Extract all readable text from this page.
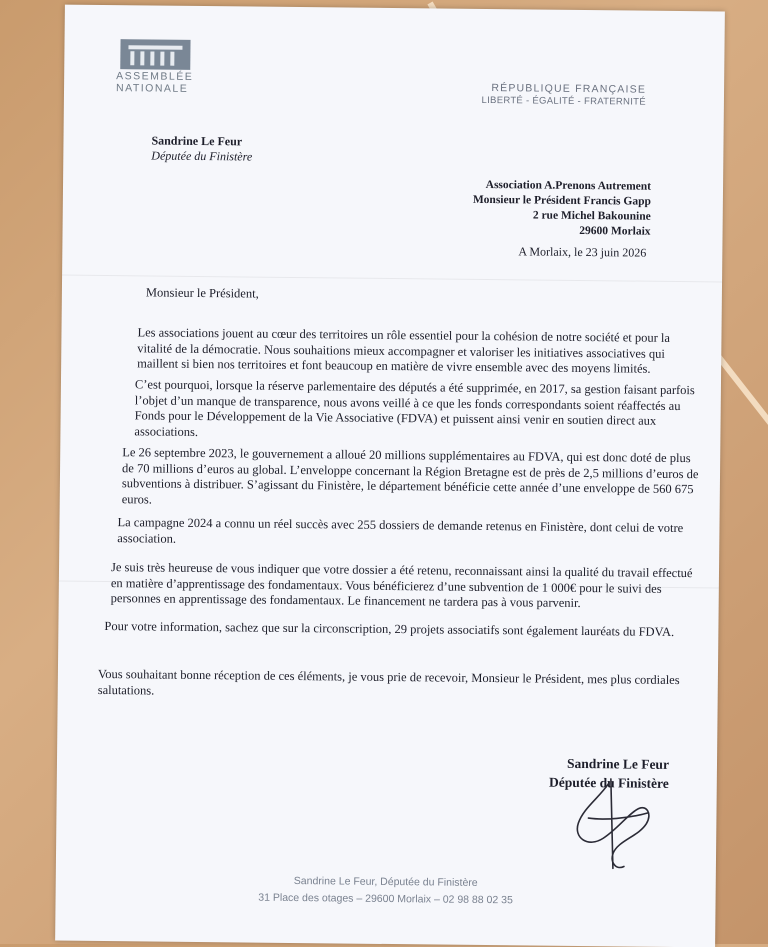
ASSEMBLÉE
NATIONALE	RÉPUBLIQUE FRANÇAISE
LIBERTÉ - ÉGALITÉ - FRATERNITÉ
Sandrine Le Feur
Députée du Finistère
Association A.Prenons Autrement
Monsieur le Président Francis Gapp
2 rue Michel Bakounine
29600 Morlaix
A Morlaix, le 23 juin 2026
Monsieur le Président,
Les associations jouent au cœur des territoires un rôle essentiel pour la cohésion de notre société et pour la vitalité de la démocratie. Nous souhaitions mieux accompagner et valoriser les initiatives associatives qui maillent si bien nos territoires et font beaucoup en matière de vivre ensemble avec des moyens limités.
C’est pourquoi, lorsque la réserve parlementaire des députés a été supprimée, en 2017, sa gestion faisant parfois l’objet d’un manque de transparence, nous avons veillé à ce que les fonds correspondants soient réaffectés au Fonds pour le Développement de la Vie Associative (FDVA) et puissent ainsi venir en soutien direct aux associations.
Le 26 septembre 2023, le gouvernement a alloué 20 millions supplémentaires au FDVA, qui est donc doté de plus de 70 millions d’euros au global. L’enveloppe concernant la Région Bretagne est de près de 2,5 millions d’euros de subventions à distribuer. S’agissant du Finistère, le département bénéficie cette année d’une enveloppe de 560 675 euros.
La campagne 2024 a connu un réel succès avec 255 dossiers de demande retenus en Finistère, dont celui de votre association.
Je suis très heureuse de vous indiquer que votre dossier a été retenu, reconnaissant ainsi la qualité du travail effectué en matière d’apprentissage des fondamentaux. Vous bénéficierez d’une subvention de 1 000€ pour le suivi des personnes en apprentissage des fondamentaux. Le financement ne tardera pas à vous parvenir.
Pour votre information, sachez que sur la circonscription, 29 projets associatifs sont également lauréats du FDVA.
Vous souhaitant bonne réception de ces éléments, je vous prie de recevoir, Monsieur le Président, mes plus cordiales salutations.
Sandrine Le Feur
Députée du Finistère
Sandrine Le Feur, Députée du Finistère
31 Place des otages – 29600 Morlaix – 02 98 88 02 35
